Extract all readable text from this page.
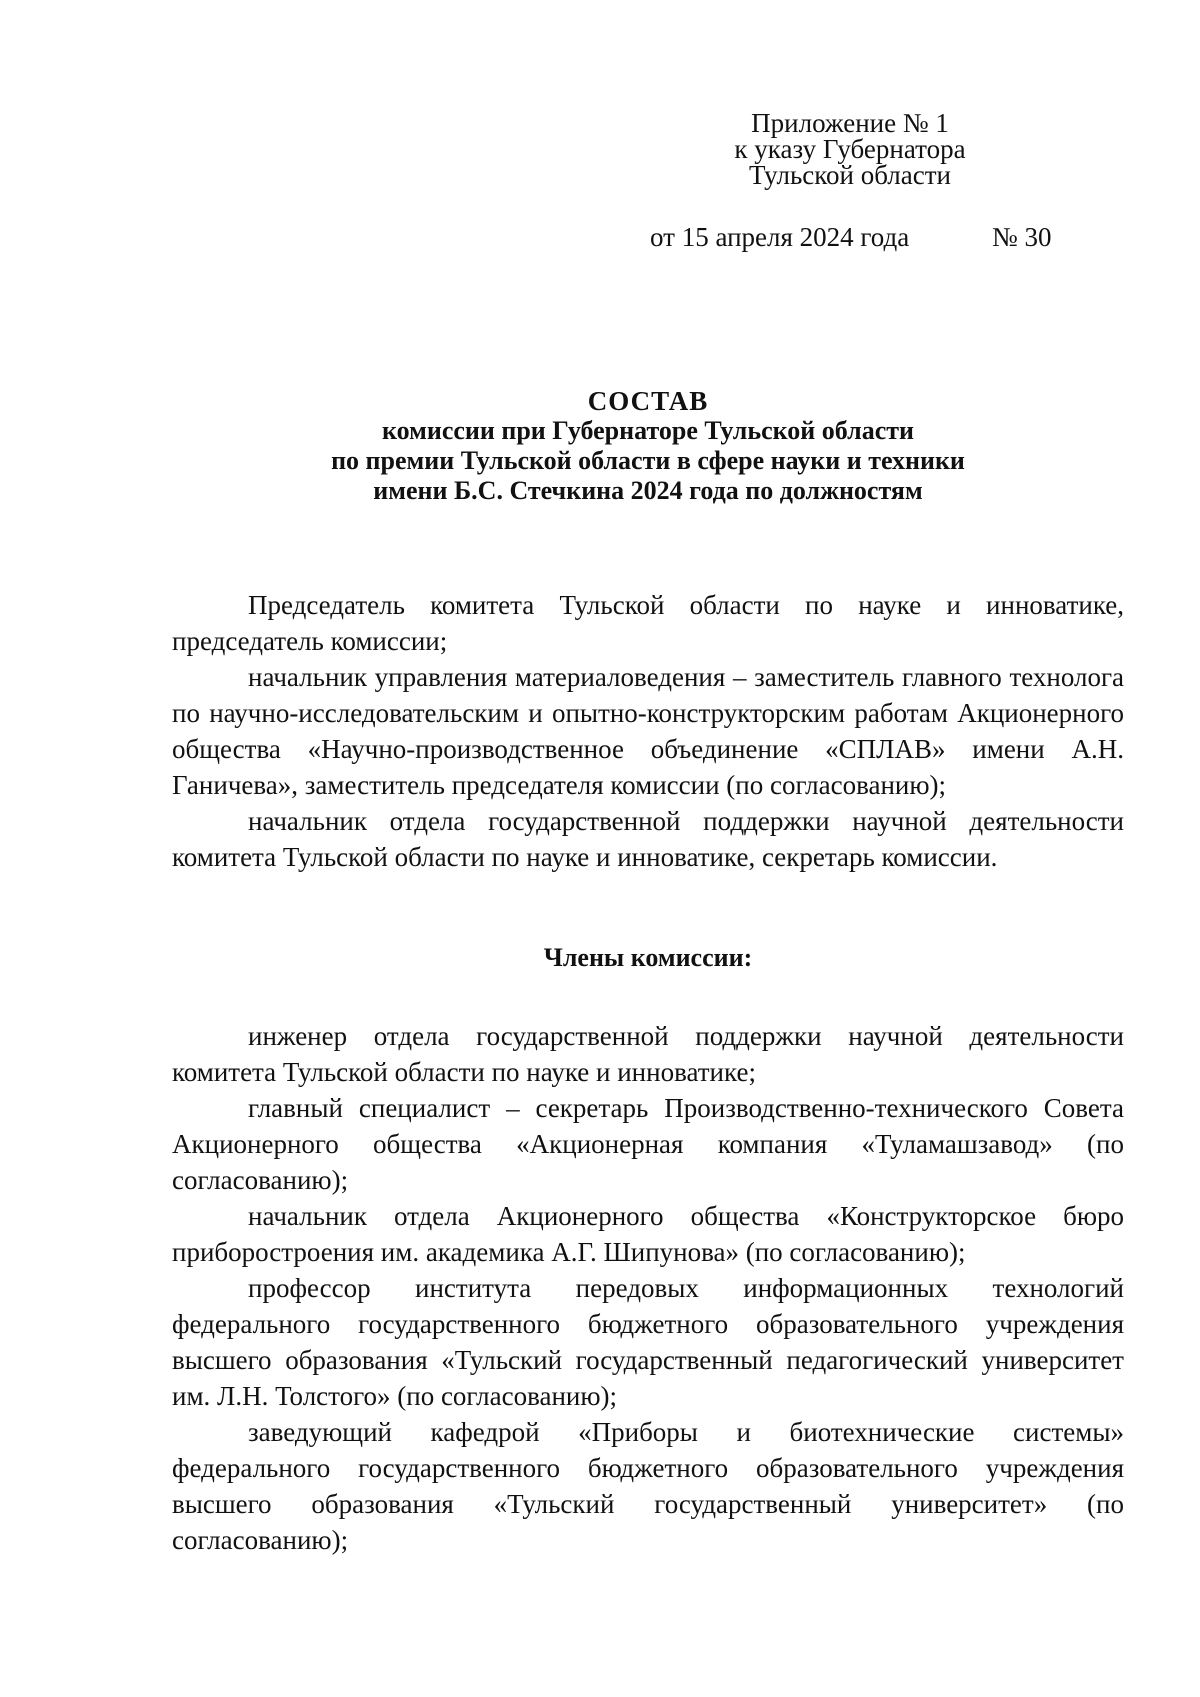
Приложение № 1
к указу Губернатора
Тульской области
от 15 апреля 2024 года	№ 30
СОСТАВ
комиссии при Губернаторе Тульской области
по премии Тульской области в сфере науки и техники
имени Б.С. Стечкина 2024 года по должностям

Председатель комитета Тульской области по науке и инноватике, председатель комиссии;

начальник управления материаловедения – заместитель главного технолога по научно-исследовательским и опытно-конструкторским работам Акционерного общества «Научно-производственное объединение «СПЛАВ» имени А.Н. Ганичева», заместитель председателя комиссии (по согласованию);

начальник отдела государственной поддержки научной деятельности комитета Тульской области по науке и инноватике, секретарь комиссии.

Члены комиссии:

инженер отдела государственной поддержки научной деятельности комитета Тульской области по науке и инноватике;

главный специалист – секретарь Производственно-технического Совета Акционерного общества «Акционерная компания «Туламашзавод» (по согласованию);

начальник отдела Акционерного общества «Конструкторское бюро приборостроения им. академика А.Г. Шипунова» (по согласованию);

профессор института передовых информационных технологий федерального государственного бюджетного образовательного учреждения высшего образования «Тульский государственный педагогический университет им. Л.Н. Толстого» (по согласованию);

заведующий кафедрой «Приборы и биотехнические системы» федерального государственного бюджетного образовательного учреждения высшего образования «Тульский государственный университет» (по согласованию);
